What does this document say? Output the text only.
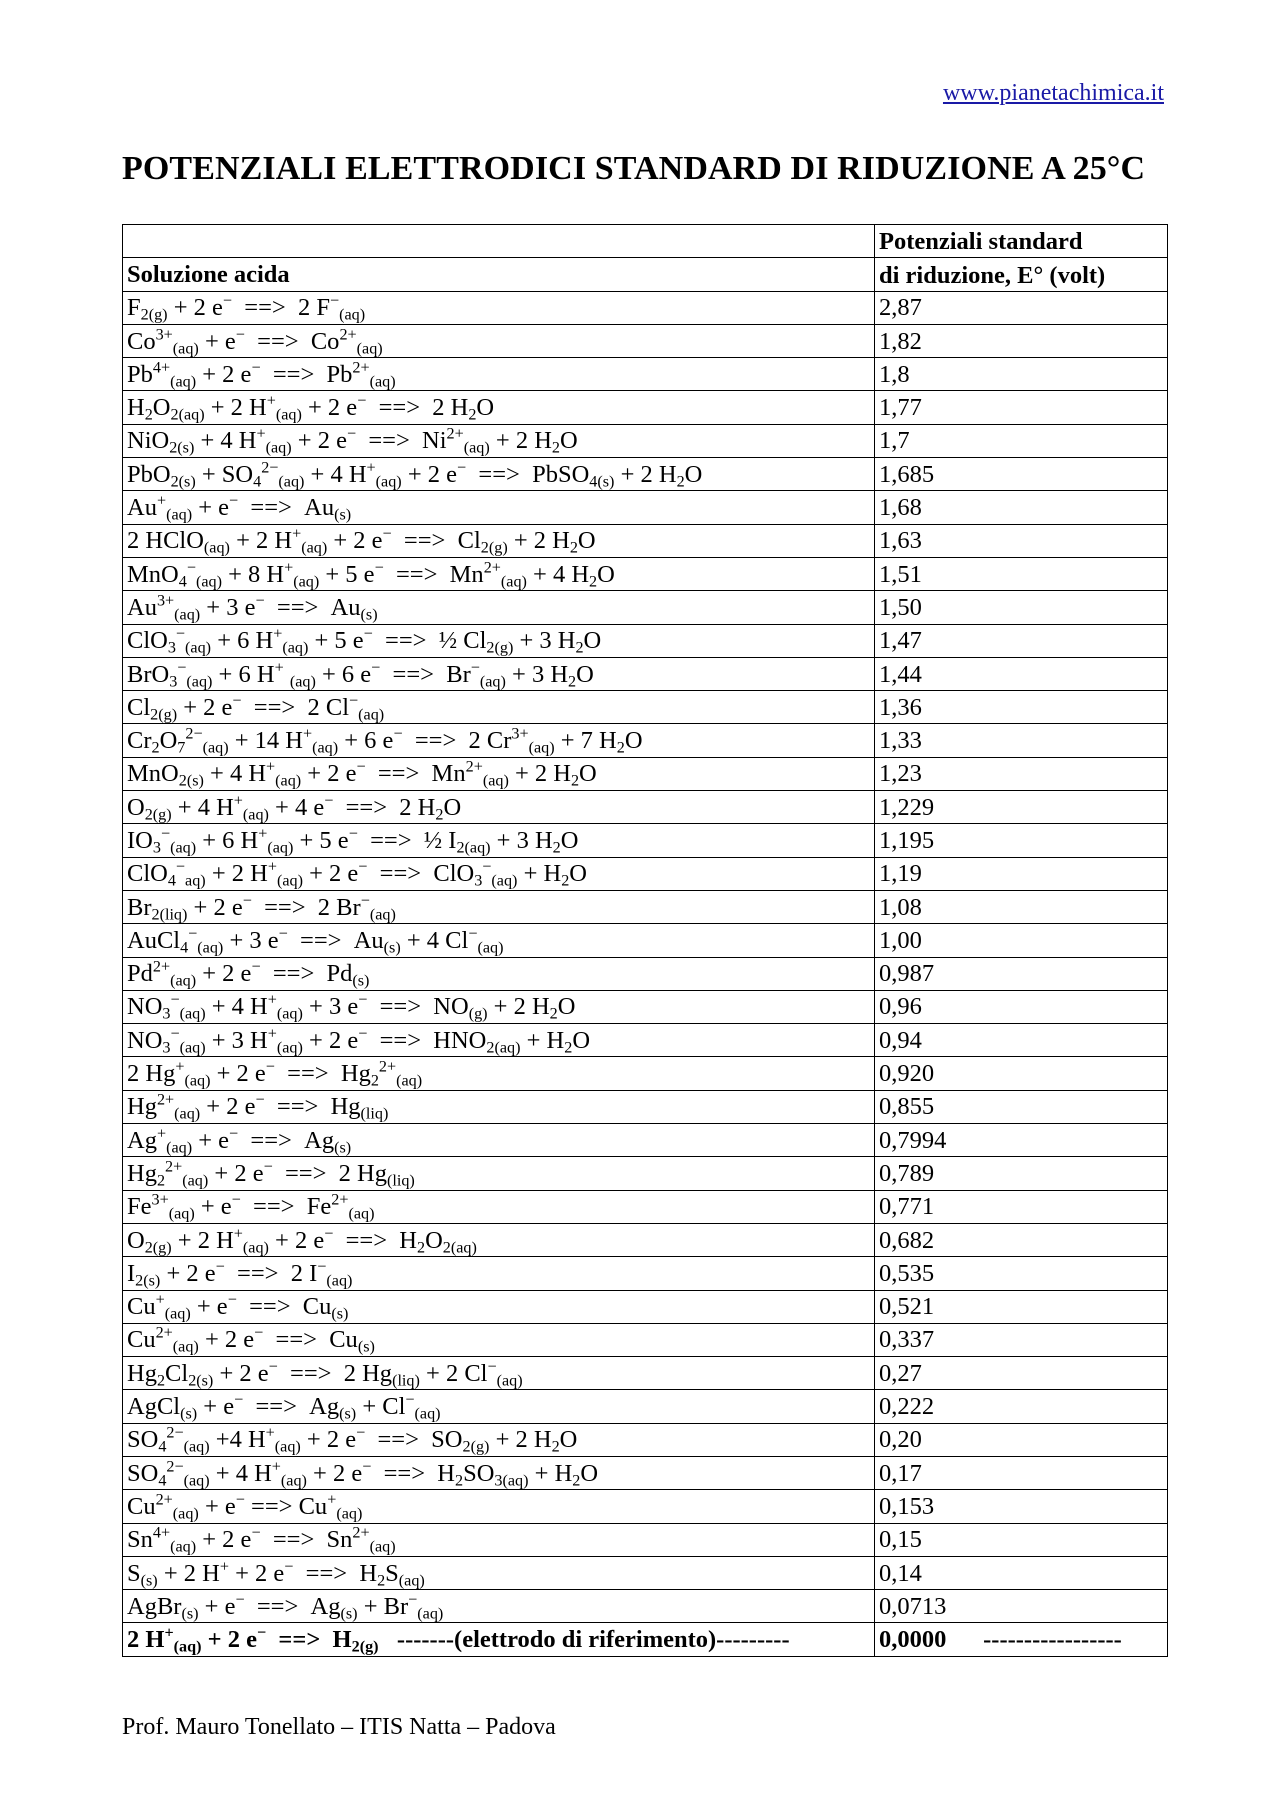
www.pianetachimica.it
POTENZIALI ELETTRODICI STANDARD DI RIDUZIONE A 25°C
	Potenziali standard
Soluzione acida	di riduzione, E° (volt)
$F_{2(g)} + 2$ e−  ==>  2 $F^-_{(aq)}$	2,87
$Co^{3+}_{(aq)} + e^-$  ==>  $Co^{2+}_{(aq)}$	1,82
$Pb^{4+}_{(aq)} + 2$ e−  ==>  $Pb^{2+}_{(aq)}$	1,8
$H_2O_{2(aq)} + 2$ $H^+_{(aq)} + 2$ e−  ==>  2 $H_2O$	1,77
NiO$_{2(s)}$ + 4 $H^+_{(aq)} + 2$ e−  ==>  $Ni^{2+}_{(aq)} + 2$ $H_2O$	1,7
$PbO_{2(s)} + SO_4^{2-}_{(aq)} + 4$ $H^+_{(aq)} + 2$ e−  ==>  PbSO$_{4(s)}$ + 2 $H_2O$	1,685
$Au^+_{(aq)} + e^-$  ==>  $Au_{(s)}$	1,68
2 HClO$_{(aq)}$ + 2 $H^+_{(aq)} + 2$ e−  ==>  $Cl_{2(g)} + 2$ $H_2O$	1,63
MnO$_4$−$_{(aq)}$ + 8 $H^+_{(aq)} + 5$ e−  ==>  $Mn^{2+}_{(aq)} + 4$ $H_2O$	1,51
$Au^{3+}_{(aq)} + 3$ e−  ==>  $Au_{(s)}$	1,50
ClO$_3$−$_{(aq)}$ + 6 $H^+_{(aq)} + 5$ e−  ==>  ½ $Cl_{2(g)} + 3$ $H_2O$	1,47
BrO$_3$−$_{(aq)}$ + 6 H+ $_{(aq)}$ + 6 e−  ==>  $Br^-_{(aq)} + 3$ $H_2O$	1,44
$Cl_{2(g)} + 2$ e−  ==>  2 $Cl^-_{(aq)}$	1,36
$Cr_2O_7^{2-}_{(aq)} + 14$ $H^+_{(aq)} + 6$ e−  ==>  2 $Cr^{3+}_{(aq)} + 7$ $H_2O$	1,33
MnO$_{2(s)}$ + 4 $H^+_{(aq)} + 2$ e−  ==>  $Mn^{2+}_{(aq)} + 2$ $H_2O$	1,23
$O_{2(g)} + 4$ $H^+_{(aq)} + 4$ e−  ==>  2 $H_2O$	1,229
$IO_3^-_{(aq)} + 6$ $H^+_{(aq)} + 5$ e−  ==>  ½ $I_{2(aq)} + 3$ $H_2O$	1,195
ClO$_4$−$_{aq)}$ + 2 $H^+_{(aq)} + 2$ e−  ==>  $ClO_3^-_{(aq)} + H_2O$	1,19
$Br_{2(liq)} + 2$ e−  ==>  2 $Br^-_{(aq)}$	1,08
AuCl$_4$−$_{(aq)}$ + 3 e−  ==>  $Au_{(s)} + 4$ $Cl^-_{(aq)}$	1,00
$Pd^{2+}_{(aq)} + 2$ e−  ==>  $Pd_{(s)}$	0,987
$NO_3^-_{(aq)} + 4$ $H^+_{(aq)} + 3$ e−  ==>  $NO_{(g)} + 2$ $H_2O$	0,96
$NO_3^-_{(aq)} + 3$ $H^+_{(aq)} + 2$ e−  ==>  $HNO_{2(aq)} + H_2O$	0,94
2 $Hg^+_{(aq)} + 2$ e−  ==>  $Hg_2^{2+}_{(aq)}$	0,920
$Hg^{2+}_{(aq)} + 2$ e−  ==>  $Hg_{(liq)}$	0,855
$Ag^+_{(aq)} + e^-$  ==>  $Ag_{(s)}$	0,7994
$Hg_2^{2+}_{(aq)} + 2$ e−  ==>  2 $Hg_{(liq)}$	0,789
$Fe^{3+}_{(aq)} + e^-$  ==>  $Fe^{2+}_{(aq)}$	0,771
$O_{2(g)} + 2$ $H^+_{(aq)} + 2$ e−  ==>  $H_2O_{2(aq)}$	0,682
$I_{2(s)} + 2$ e−  ==>  2 $I^-_{(aq)}$	0,535
$Cu^+_{(aq)} + e^-$  ==>  $Cu_{(s)}$	0,521
$Cu^{2+}_{(aq)} + 2$ e−  ==>  $Cu_{(s)}$	0,337
$Hg_2Cl_{2(s)} + 2$ e−  ==>  2 $Hg_{(liq)} + 2$ $Cl^-_{(aq)}$	0,27
AgCl$_{(s)}$ + e−  ==>  $Ag_{(s)} + Cl^-_{(aq)}$	0,222
$SO_4^{2-}_{(aq)} +4$ $H^+_{(aq)} + 2$ e−  ==>  $SO_{2(g)} + 2$ $H_2O$	0,20
$SO_4^{2-}_{(aq)} + 4$ $H^+_{(aq)} + 2$ e−  ==>  $H_2SO_{3(aq)} + H_2O$	0,17
$Cu^{2+}_{(aq)} + e^-$ ==> $Cu^+_{(aq)}$	0,153
$Sn^{4+}_{(aq)} + 2$ e−  ==>  $Sn^{2+}_{(aq)}$	0,15
$S_{(s)} + 2$ H+ + 2 e−  ==>  $H_2S_{(aq)}$	0,14
AgBr$_{(s)}$ + e−  ==>  $Ag_{(s)} + Br^-_{(aq)}$	0,0713
2 $H^+_{(aq)} + 2$ e−  ==>  $H_{2(g)}$   -------(elettrodo di riferimento)---------	0,0000      -----------------
Prof. Mauro Tonellato – ITIS Natta – Padova
